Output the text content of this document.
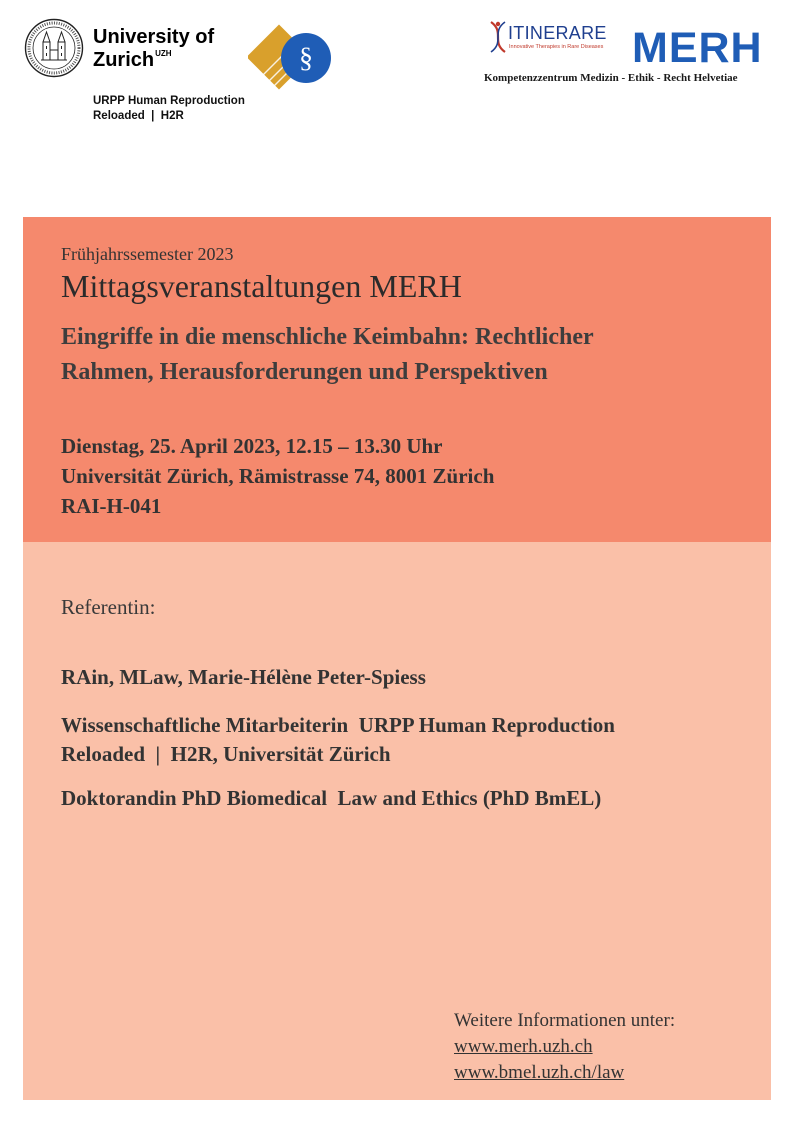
University of
Zurich$^{UZH}$
URPP Human Reproduction
Reloaded  |  H2R
§
ITINERARE
Innovative Therapies in Rare Diseases MERH
Kompetenzzentrum Medizin - Ethik - Recht Helvetiae
Frühjahrssemester 2023
Mittagsveranstaltungen MERH
Eingriffe in die menschliche Keimbahn: Rechtlicher
Rahmen, Herausforderungen und Perspektiven
Dienstag, 25. April 2023, 12.15 – 13.30 Uhr
Universität Zürich, Rämistrasse 74, 8001 Zürich
RAI-H-041
Referentin:
RAin, MLaw, Marie-Hélène Peter-Spiess
Wissenschaftliche Mitarbeiterin  URPP Human Reproduction
Reloaded  |  H2R, Universität Zürich
Doktorandin PhD Biomedical  Law and Ethics (PhD BmEL)
Weitere Informationen unter:
www.merh.uzh.ch
www.bmel.uzh.ch/law
